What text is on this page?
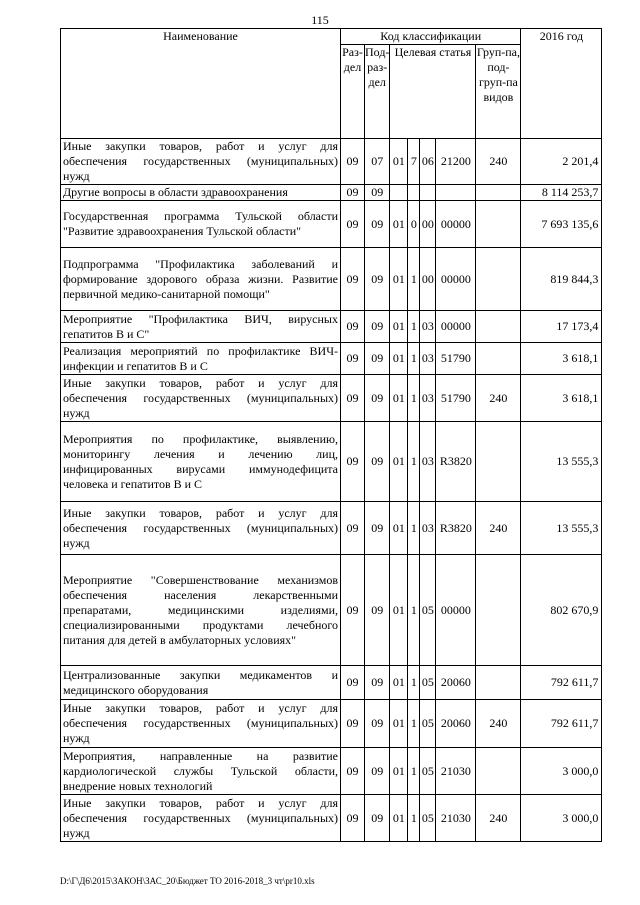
115
Наименование	Код классификации							2016 год
	Раз-дел	Под-раз-дел	Целевая статья				Груп-па, под-груп-па видов	
Иные закупки товаров, работ и услуг для обеспечения государственных (муниципальных) нужд	09	07	01	7	06	21200	240	2 201,4
Другие вопросы в области здравоохранения	09	09						8 114 253,7
Государственная программа Тульской области "Развитие здравоохранения Тульской области"	09	09	01	0	00	00000		7 693 135,6
Подпрограмма "Профилактика заболеваний и формирование здорового образа жизни. Развитие первичной медико-санитарной помощи"	09	09	01	1	00	00000		819 844,3
Мероприятие "Профилактика ВИЧ, вирусных гепатитов В и С"	09	09	01	1	03	00000		17 173,4
Реализация мероприятий по профилактике ВИЧ-инфекции и гепатитов В и С	09	09	01	1	03	51790		3 618,1
Иные закупки товаров, работ и услуг для обеспечения государственных (муниципальных) нужд	09	09	01	1	03	51790	240	3 618,1
Мероприятия по профилактике, выявлению, мониторингу лечения и лечению лиц, инфицированных вирусами иммунодефицита человека и гепатитов В и С	09	09	01	1	03	R3820		13 555,3
Иные закупки товаров, работ и услуг для обеспечения государственных (муниципальных) нужд	09	09	01	1	03	R3820	240	13 555,3
Мероприятие "Совершенствование механизмов обеспечения населения лекарственными препаратами, медицинскими изделиями, специализированными продуктами лечебного питания для детей в амбулаторных условиях"	09	09	01	1	05	00000		802 670,9
Централизованные закупки медикаментов и медицинского оборудования	09	09	01	1	05	20060		792 611,7
Иные закупки товаров, работ и услуг для обеспечения государственных (муниципальных) нужд	09	09	01	1	05	20060	240	792 611,7
Мероприятия, направленные на развитие кардиологической службы Тульской области, внедрение новых технологий	09	09	01	1	05	21030		3 000,0
Иные закупки товаров, работ и услуг для обеспечения государственных (муниципальных) нужд	09	09	01	1	05	21030	240	3 000,0
D:\Г\Д6\2015\ЗАКОН\ЗАС_20\Бюджет ТО 2016-2018_3 чт\pr10.xls
